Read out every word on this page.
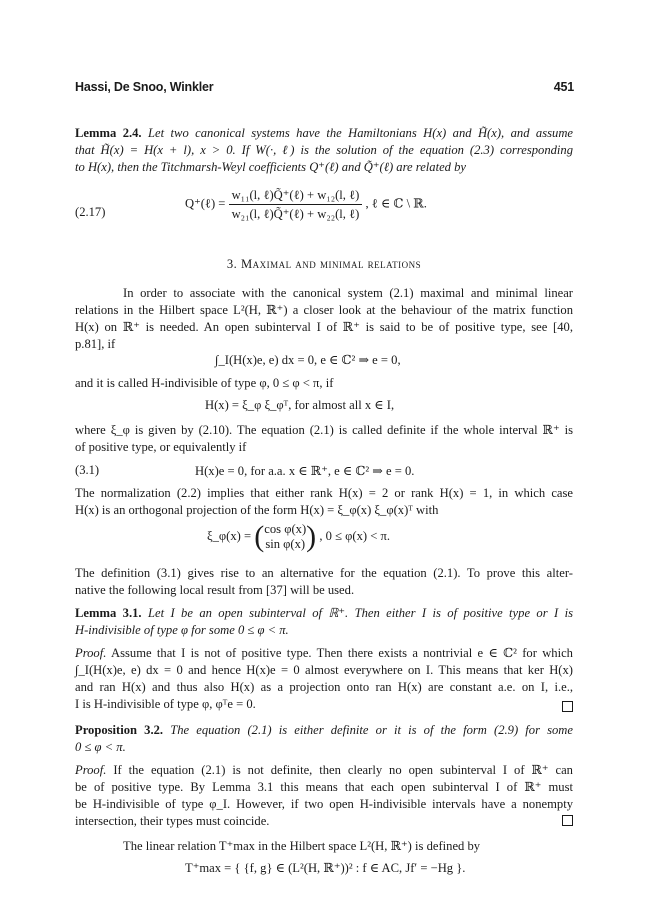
Hassi, De Snoo, Winkler	451
Lemma 2.4. Let two canonical systems have the Hamiltonians H(x) and H̃(x), and assume
that H̃(x) = H(x + l), x > 0. If W(·, ℓ) is the solution of the equation (2.3) corresponding
to H(x), then the Titchmarsh-Weyl coefficients Q⁺(ℓ) and Q̃⁺(ℓ) are related by
(2.17)
Q⁺(ℓ) = $\frac{\text{w₁₁(l, ℓ)Q̃⁺(ℓ) + w₁₂(l, ℓ)}}{\text{w₂₁(l, ℓ)Q̃⁺(ℓ) + w₂₂(l, ℓ)}}$ , ℓ ∈ ℂ \ ℝ.
3. Maximal and minimal relations
In order to associate with the canonical system (2.1) maximal and minimal linear
relations in the Hilbert space L²(H, ℝ⁺) a closer look at the behaviour of the matrix function
H(x) on ℝ⁺ is needed. An open subinterval I of ℝ⁺ is said to be of positive type, see [40,
p.81], if
∫_I(H(x)e, e) dx = 0, e ∈ ℂ² ⇒ e = 0,
and it is called H-indivisible of type φ, 0 ≤ φ < π, if
H(x) = ξ_φ ξ_φᵀ, for almost all x ∈ I,
where ξ_φ is given by (2.10). The equation (2.1) is called definite if the whole interval ℝ⁺ is
of positive type, or equivalently if
(3.1)	H(x)e = 0, for a.a. x ∈ ℝ⁺, e ∈ ℂ² ⇒ e = 0.
The normalization (2.2) implies that either rank H(x) = 2 or rank H(x) = 1, in which case
H(x) is an orthogonal projection of the form H(x) = ξ_φ(x) ξ_φ(x)ᵀ with
ξ_φ(x) = ( cos φ(x)
sin φ(x) ) , 0 ≤ φ(x) < π.
The definition (3.1) gives rise to an alternative for the equation (2.1). To prove this alter-
native the following local result from [37] will be used.
Lemma 3.1. Let I be an open subinterval of ℝ⁺. Then either I is of positive type or I is
H-indivisible of type φ for some 0 ≤ φ < π.
Proof. Assume that I is not of positive type. Then there exists a nontrivial e ∈ ℂ² for which
∫_I(H(x)e, e) dx = 0 and hence H(x)e = 0 almost everywhere on I. This means that ker H(x)
and ran H(x) and thus also H(x) as a projection onto ran H(x) are constant a.e. on I, i.e.,
I is H-indivisible of type φ, φᵀe = 0.
Proposition 3.2. The equation (2.1) is either definite or it is of the form (2.9) for some
0 ≤ φ < π.
Proof. If the equation (2.1) is not definite, then clearly no open subinterval I of ℝ⁺ can
be of positive type. By Lemma 3.1 this means that each open subinterval I of ℝ⁺ must
be H-indivisible of type φ_I. However, if two open H-indivisible intervals have a nonempty
intersection, their types must coincide.
The linear relation T⁺max in the Hilbert space L²(H, ℝ⁺) is defined by
T⁺max = { {f, g} ∈ (L²(H, ℝ⁺))² : f ∈ AC, Jf′ = −Hg }.
